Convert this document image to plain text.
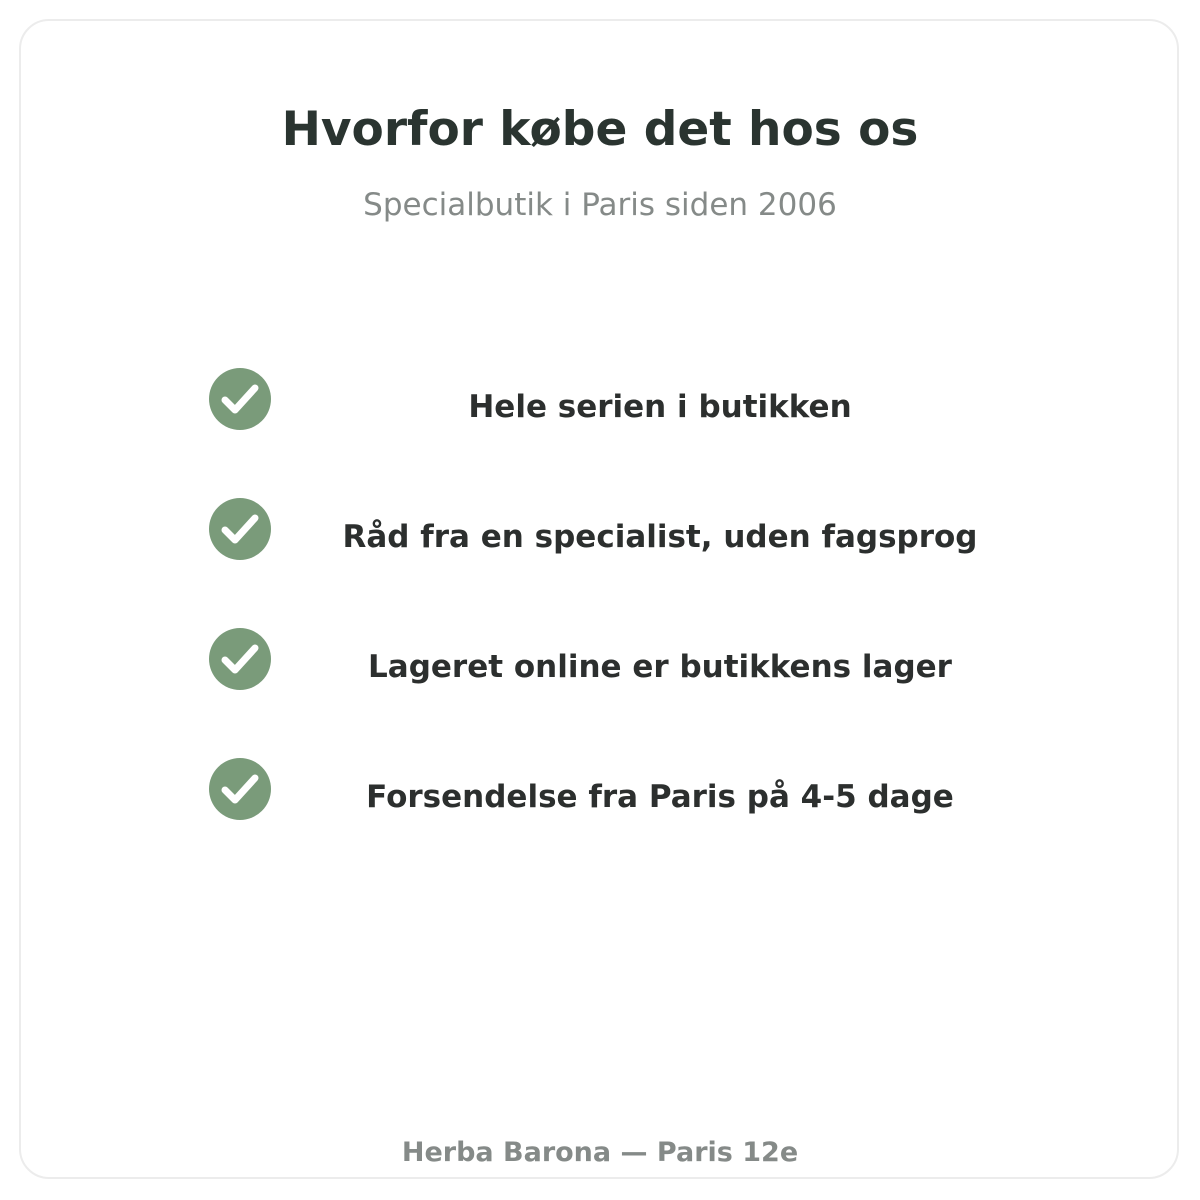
Hvorfor købe det hos os

Specialbutik i Paris siden 2006

Hele serien i butikken
Råd fra en specialist, uden fagsprog
Lageret online er butikkens lager
Forsendelse fra Paris på 4-5 dage
Herba Barona — Paris 12e
